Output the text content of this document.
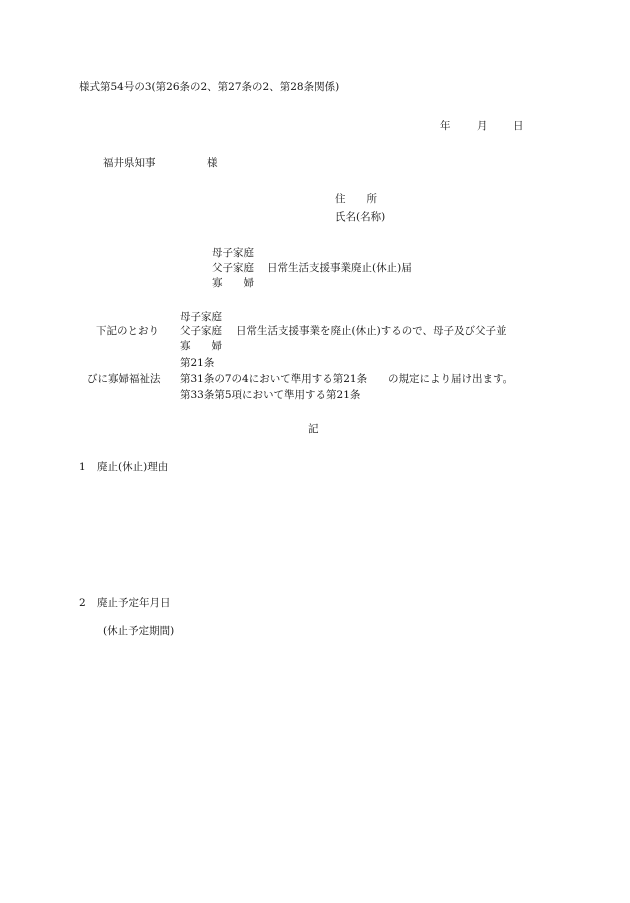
様式第54号の3(第26条の2、第27条の2、第28条関係)
年	月 日
福井県知事	様
住　　所
氏名(名称)
母子家庭
父子家庭
寡　　婦
日常生活支援事業廃止(休止)届
母子家庭
下記のとおり 父子家庭 日常生活支援事業を廃止(休止)するので、母子及び父子並
寡　　婦
第21条
びに寡婦福祉法 第31条の7の4において準用する第21条 の規定により届け出ます。
第33条第5項において準用する第21条
記
1 廃止(休止)理由
2 廃止予定年月日
(休止予定期間)
